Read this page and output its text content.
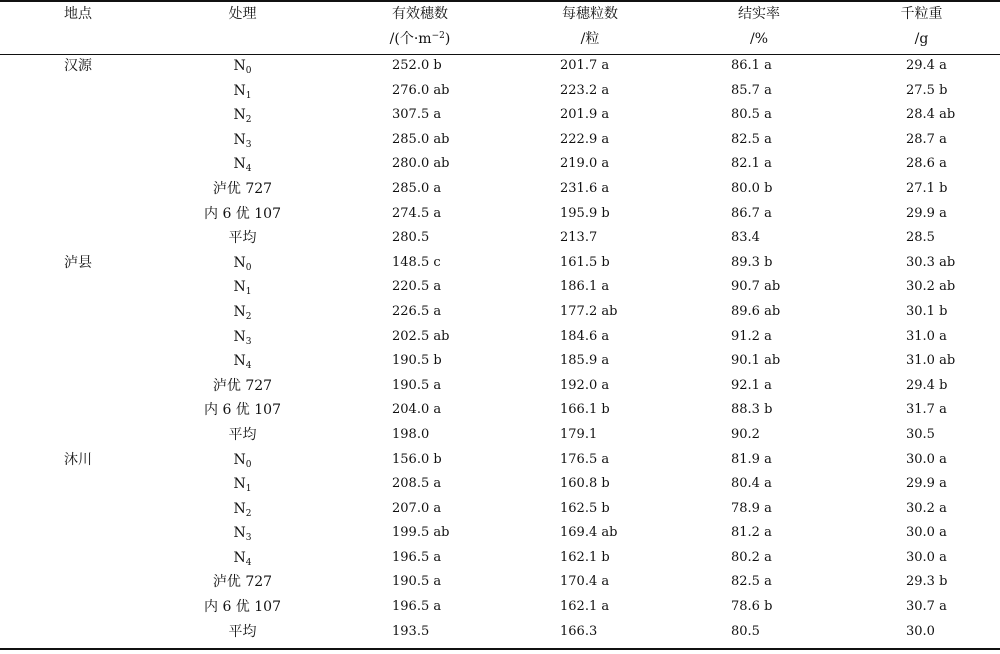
地点	处理	有效穗数	每穗粒数	结实率	千粒重
		/(个$\cdot m^{-2}$)	/粒	/%	/g
汉源	$N_0$	252.0 b	201.7 a	86.1 a	29.4 a
	$N_1$	276.0 ab	223.2 a	85.7 a	27.5 b
	$N_2$	307.5 a	201.9 a	80.5 a	28.4 ab
	$N_3$	285.0 ab	222.9 a	82.5 a	28.7 a
	$N_4$	280.0 ab	219.0 a	82.1 a	28.6 a
	泸优 727	285.0 a	231.6 a	80.0 b	27.1 b
	内 6 优 107	274.5 a	195.9 b	86.7 a	29.9 a
	平均	280.5	213.7	83.4	28.5
泸县	$N_0$	148.5 c	161.5 b	89.3 b	30.3 ab
	$N_1$	220.5 a	186.1 a	90.7 ab	30.2 ab
	$N_2$	226.5 a	177.2 ab	89.6 ab	30.1 b
	$N_3$	202.5 ab	184.6 a	91.2 a	31.0 a
	$N_4$	190.5 b	185.9 a	90.1 ab	31.0 ab
	泸优 727	190.5 a	192.0 a	92.1 a	29.4 b
	内 6 优 107	204.0 a	166.1 b	88.3 b	31.7 a
	平均	198.0	179.1	90.2	30.5
沐川	$N_0$	156.0 b	176.5 a	81.9 a	30.0 a
	$N_1$	208.5 a	160.8 b	80.4 a	29.9 a
	$N_2$	207.0 a	162.5 b	78.9 a	30.2 a
	$N_3$	199.5 ab	169.4 ab	81.2 a	30.0 a
	$N_4$	196.5 a	162.1 b	80.2 a	30.0 a
	泸优 727	190.5 a	170.4 a	82.5 a	29.3 b
	内 6 优 107	196.5 a	162.1 a	78.6 b	30.7 a
	平均	193.5	166.3	80.5	30.0
